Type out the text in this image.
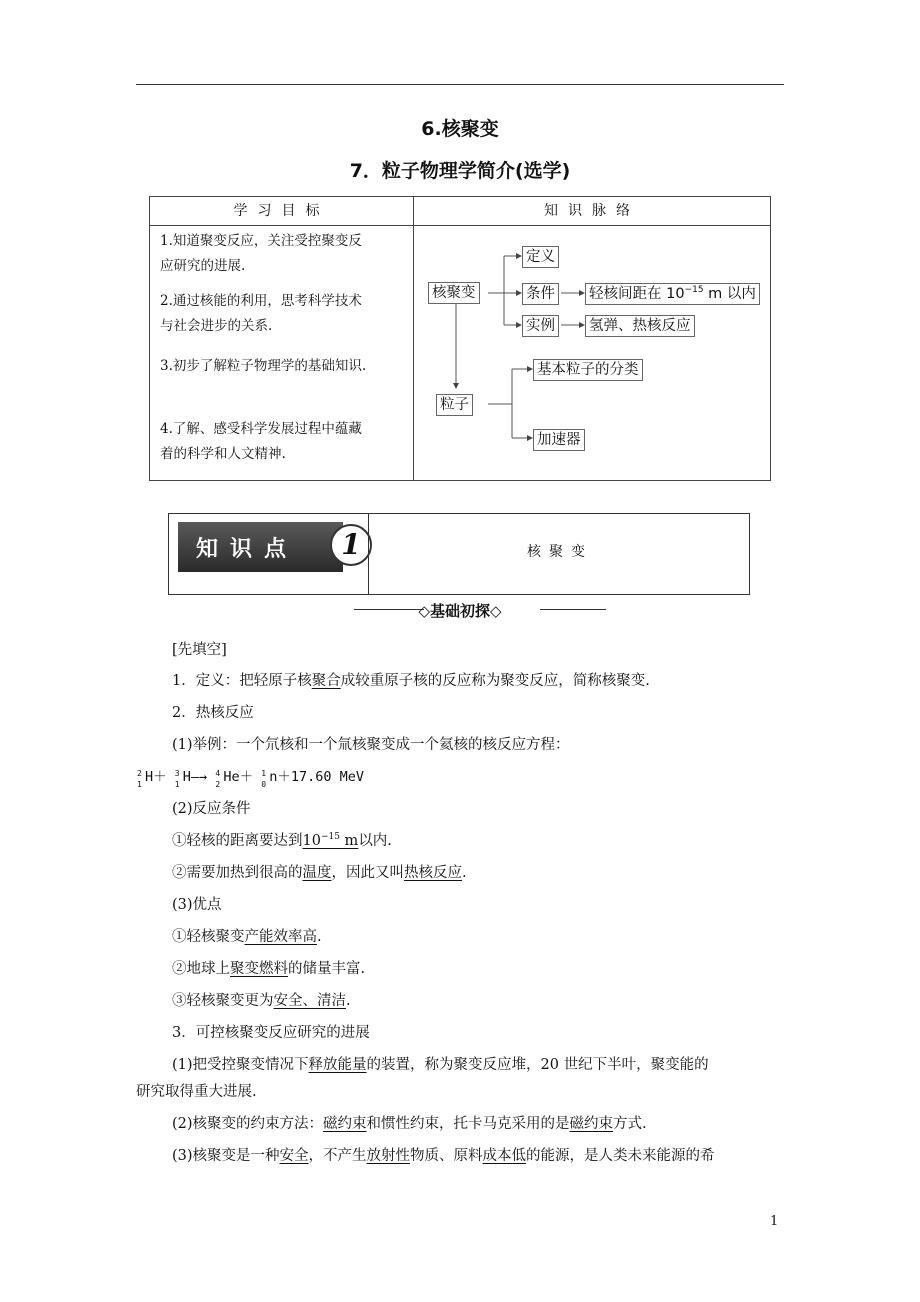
6.核聚变
7．粒子物理学简介(选学)
学习目标	知识脉络
1.知道聚变反应，关注受控聚变反
应研究的进展.
2.通过核能的利用，思考科学技术
与社会进步的关系.
3.初步了解粒子物理学的基础知识.
4.了解、感受科学发展过程中蕴藏
着的科学和人文精神.
核聚变
定义
条件 轻核间距在 $10^{-15}$ m 以内
实例 氢弹、热核反应
粒子
基本粒子的分类
加速器
知识点	1	核聚变
◇基础初探◇
[先填空]
1．定义：把轻原子核聚合成较重原子核的反应称为聚变反应，简称核聚变.
2．热核反应
(1)举例：一个氘核和一个氚核聚变成一个氦核的核反应方程：
2
1 H＋ 3
1 H―→ 4
2 He＋ 1
0 n＋17.60 MeV
(2)反应条件
①轻核的距离要达到$10^{-15}$ m以内.
②需要加热到很高的温度，因此又叫热核反应.
(3)优点
①轻核聚变产能效率高.
②地球上聚变燃料的储量丰富.
③轻核聚变更为安全、清洁.
3．可控核聚变反应研究的进展
(1)把受控聚变情况下释放能量的装置，称为聚变反应堆，20 世纪下半叶，聚变能的
研究取得重大进展.
(2)核聚变的约束方法：磁约束和惯性约束，托卡马克采用的是磁约束方式.
(3)核聚变是一种安全，不产生放射性物质、原料成本低的能源，是人类未来能源的希
1
